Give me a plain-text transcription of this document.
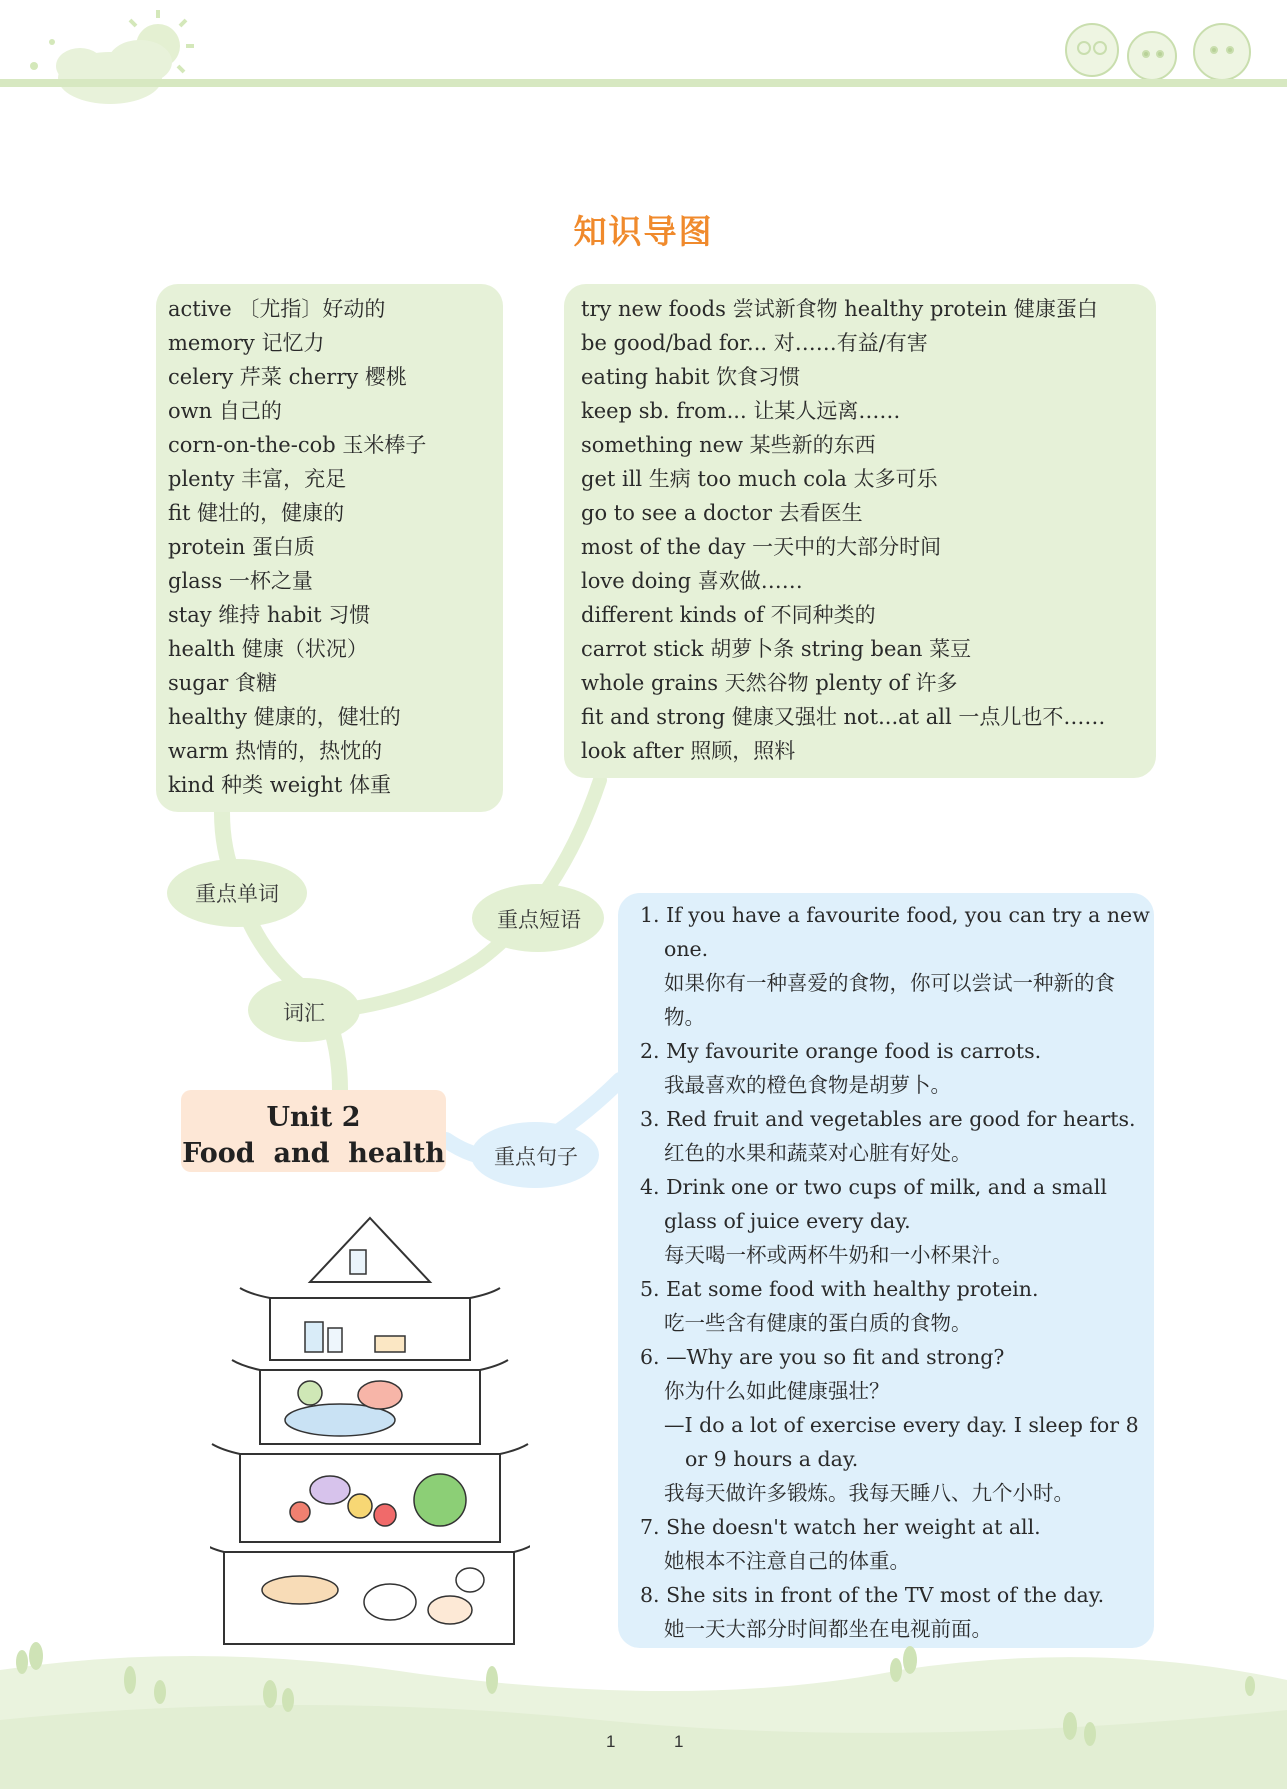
知识导图
重点单词
重点短语
词汇
重点句子
active 〔尤指〕好动的
memory 记忆力
celery 芹菜 cherry 樱桃
own 自己的
corn-on-the-cob 玉米棒子
plenty 丰富，充足
fit 健壮的，健康的
protein 蛋白质
glass 一杯之量
stay 维持 habit 习惯
health 健康（状况）
sugar 食糖
healthy 健康的，健壮的
warm 热情的，热忱的
kind 种类 weight 体重
try new foods 尝试新食物 healthy protein 健康蛋白
be good/bad for... 对……有益/有害
eating habit 饮食习惯
keep sb. from... 让某人远离……
something new 某些新的东西
get ill 生病 too much cola 太多可乐
go to see a doctor 去看医生
most of the day 一天中的大部分时间
love doing 喜欢做……
different kinds of 不同种类的
carrot stick 胡萝卜条 string bean 菜豆
whole grains 天然谷物 plenty of 许多
fit and strong 健康又强壮 not...at all 一点儿也不……
look after 照顾，照料
Unit 2
Food  and  health
1. If you have a favourite food, you can try a new one.
如果你有一种喜爱的食物，你可以尝试一种新的食物。
2. My favourite orange food is carrots.
我最喜欢的橙色食物是胡萝卜。
3. Red fruit and vegetables are good for hearts.
红色的水果和蔬菜对心脏有好处。
4. Drink one or two cups of milk, and a small glass of juice every day.
每天喝一杯或两杯牛奶和一小杯果汁。
5. Eat some food with healthy protein.
吃一些含有健康的蛋白质的食物。
6. —Why are you so fit and strong?
你为什么如此健康强壮？
—I do a lot of exercise every day. I sleep for 8 or 9 hours a day.
我每天做许多锻炼。我每天睡八、九个小时。
7. She doesn't watch her weight at all.
她根本不注意自己的体重。
8. She sits in front of the TV most of the day.
她一天大部分时间都坐在电视前面。
1	1
